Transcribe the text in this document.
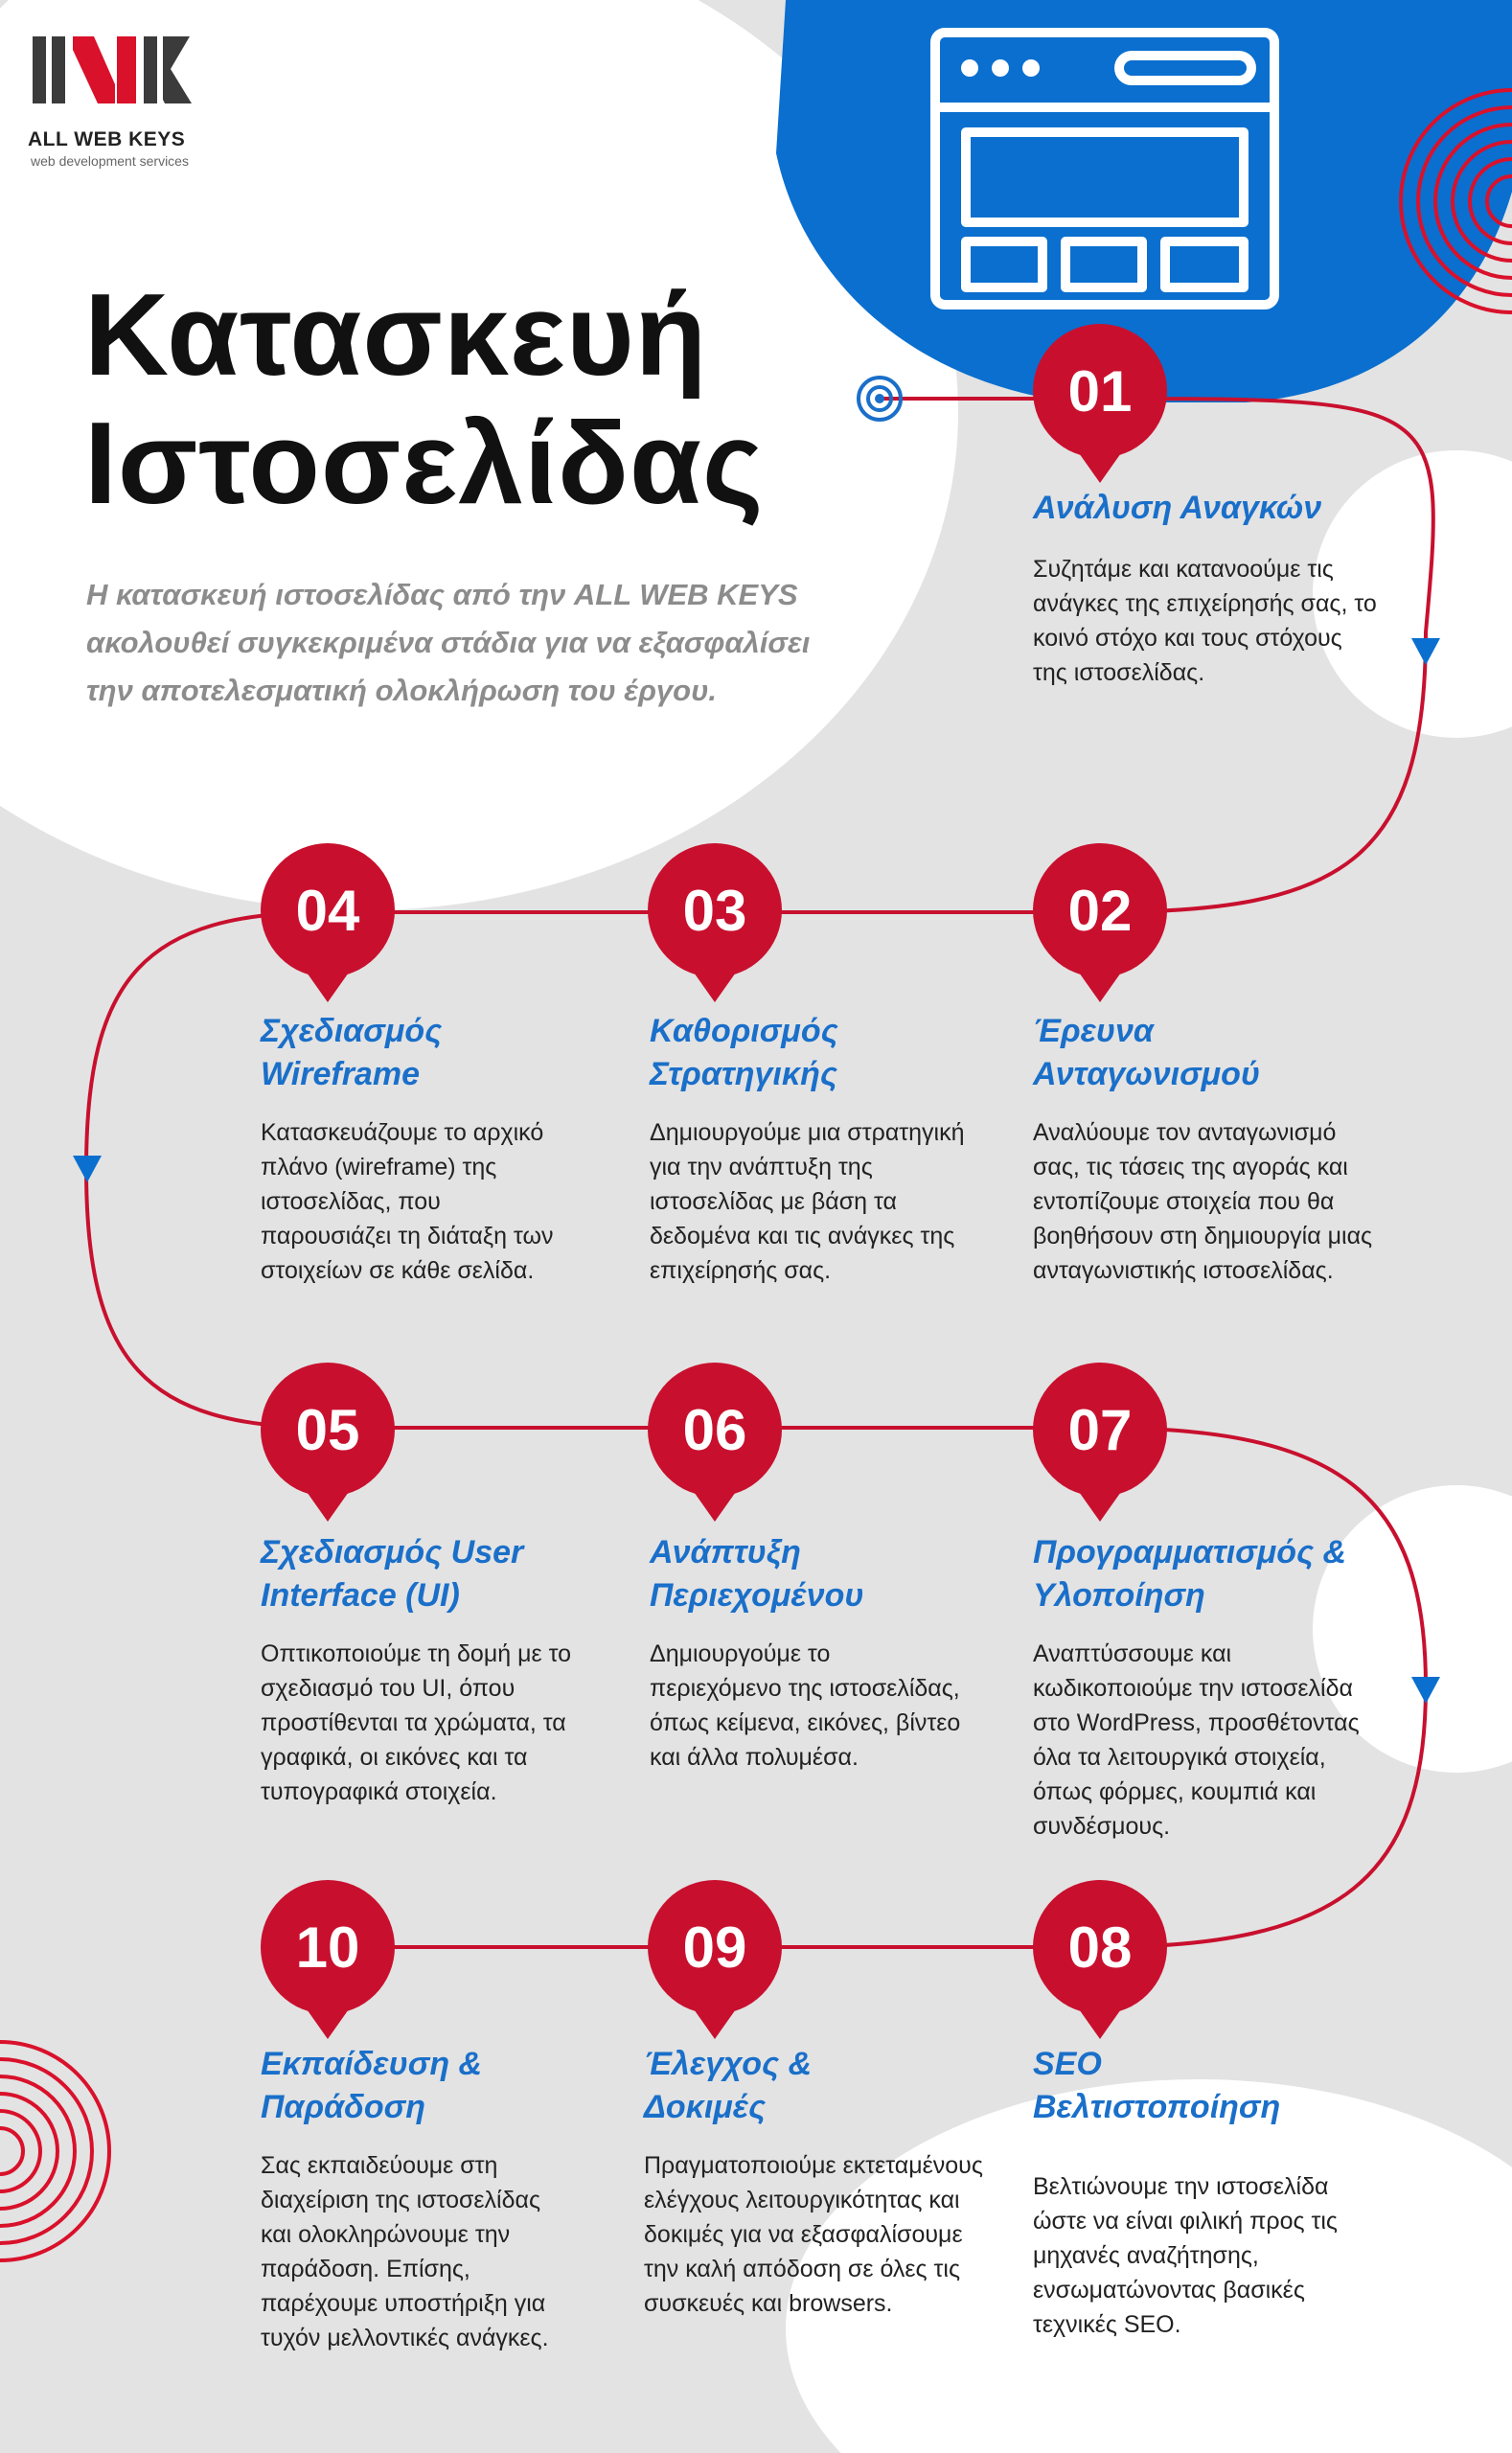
ALL WEB KEYS
web development services
Κατασκευή
Ιστοσελίδας
Η κατασκευή ιστοσελίδας από την ALL WEB KEYS ακολουθεί συγκεκριμένα στάδια για να εξασφαλίσει την αποτελεσματική ολοκλήρωση του έργου.
01
02
03
04
05	06	07
08
09
10
Ανάλυση Αναγκών
Συζητάμε και κατανοούμε τις ανάγκες της επιχείρησής σας, το κοινό στόχο και τους στόχους της ιστοσελίδας.
Έρευνα Ανταγωνισμού
Αναλύουμε τον ανταγωνισμό σας, τις τάσεις της αγοράς και εντοπίζουμε στοιχεία που θα βοηθήσουν στη δημιουργία μιας ανταγωνιστικής ιστοσελίδας.
Καθορισμός Στρατηγικής
Δημιουργούμε μια στρατηγική για την ανάπτυξη της ιστοσελίδας με βάση τα δεδομένα και τις ανάγκες της επιχείρησής σας.
Σχεδιασμός Wireframe
Κατασκευάζουμε το αρχικό πλάνο (wireframe) της ιστοσελίδας, που παρουσιάζει τη διάταξη των στοιχείων σε κάθε σελίδα.
Σχεδιασμός User Interface (UI)
Οπτικοποιούμε τη δομή με το σχεδιασμό του UI, όπου προστίθενται τα χρώματα, τα γραφικά, οι εικόνες και τα τυπογραφικά στοιχεία.
Ανάπτυξη Περιεχομένου
Δημιουργούμε το περιεχόμενο της ιστοσελίδας, όπως κείμενα, εικόνες, βίντεο και άλλα πολυμέσα.
Προγραμματισμός & Υλοποίηση
Αναπτύσσουμε και κωδικοποιούμε την ιστοσελίδα στο WordPress, προσθέτοντας όλα τα λειτουργικά στοιχεία, όπως φόρμες, κουμπιά και συνδέσμους.
SEO Βελτιστοποίηση
Βελτιώνουμε την ιστοσελίδα ώστε να είναι φιλική προς τις μηχανές αναζήτησης, ενσωματώνοντας βασικές τεχνικές SEO.
Έλεγχος & Δοκιμές
Πραγματοποιούμε εκτεταμένους ελέγχους λειτουργικότητας και δοκιμές για να εξασφαλίσουμε την καλή απόδοση σε όλες τις συσκευές και browsers.
Εκπαίδευση & Παράδοση
Σας εκπαιδεύουμε στη διαχείριση της ιστοσελίδας και ολοκληρώνουμε την παράδοση. Επίσης, παρέχουμε υποστήριξη για τυχόν μελλοντικές ανάγκες.
